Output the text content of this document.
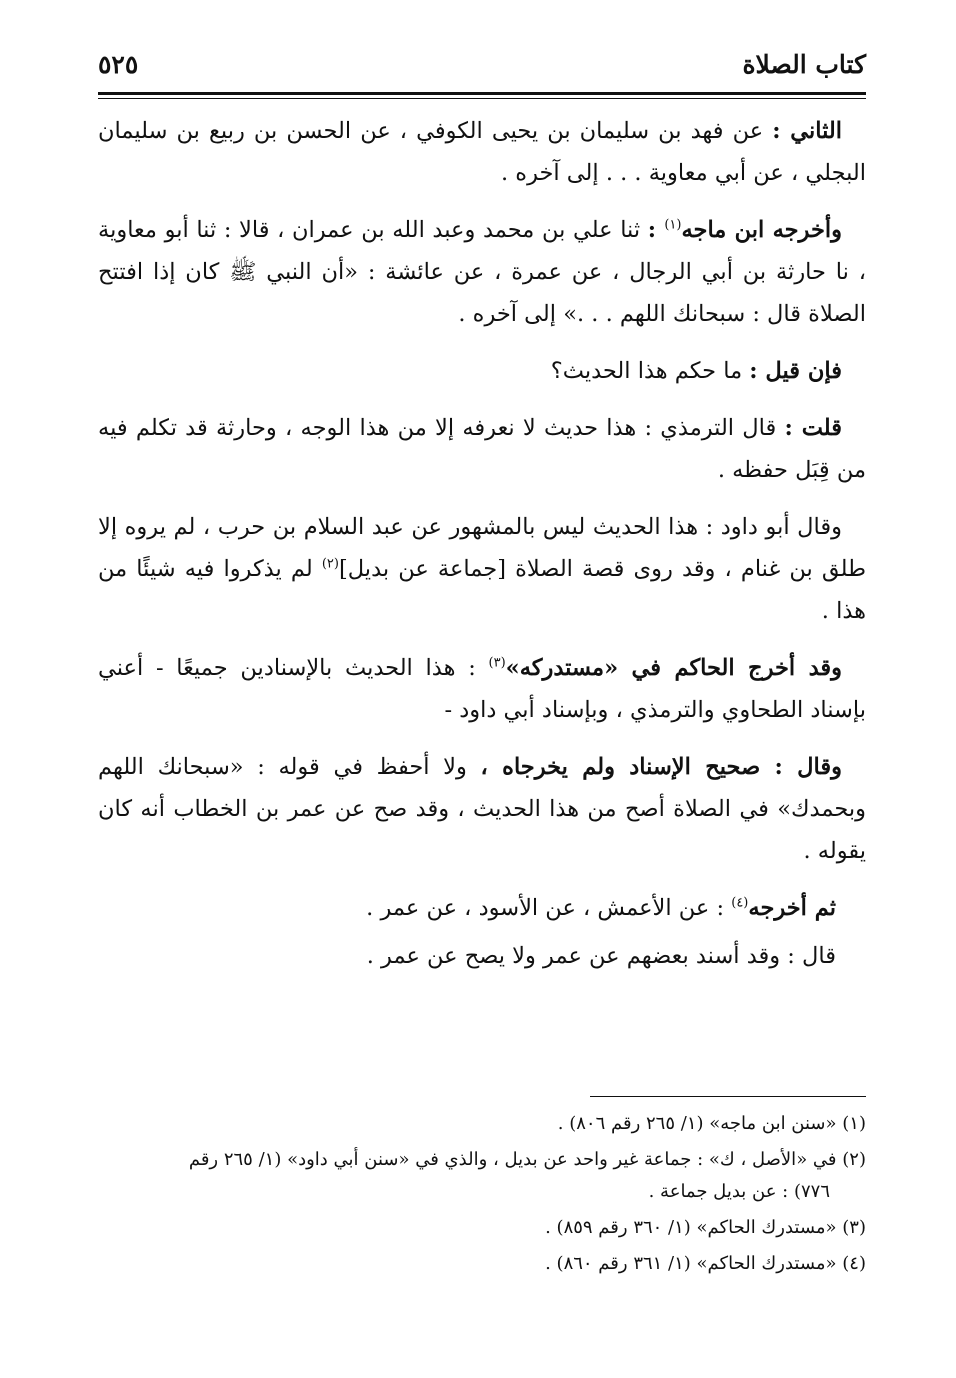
كتاب الصلاة
٥٢٥

الثاني : عن فهد بن سليمان بن يحيى الكوفي ، عن الحسن بن ربيع بن سليمان البجلي ، عن أبي معاوية . . . إلى آخره .

وأخرجه ابن ماجه$^{(١)}$ : ثنا علي بن محمد وعبد الله بن عمران ، قالا : ثنا أبو معاوية ، نا حارثة بن أبي الرجال ، عن عمرة ، عن عائشة : «أن النبي ﷺ كان إذا افتتح الصلاة قال : سبحانك اللهم . . .» إلى آخره .

فإن قيل : ما حكم هذا الحديث؟

قلت : قال الترمذي : هذا حديث لا نعرفه إلا من هذا الوجه ، وحارثة قد تكلم فيه من قِبَل حفظه .

وقال أبو داود : هذا الحديث ليس بالمشهور عن عبد السلام بن حرب ، لم يروه إلا طلق بن غنام ، وقد روى قصة الصلاة [جماعة عن بديل]$^{(٢)}$ لم يذكروا فيه شيئًا من هذا .

وقد أخرج الحاكم في «مستدركه»$^{(٣)}$ : هذا الحديث بالإسنادين جميعًا - أعني بإسناد الطحاوي والترمذي ، وبإسناد أبي داود -

وقال : صحيح الإسناد ولم يخرجاه ، ولا أحفظ في قوله : «سبحانك اللهم وبحمدك» في الصلاة أصح من هذا الحديث ، وقد صح عن عمر بن الخطاب أنه كان يقوله .

ثم أخرجه$^{(٤)}$ : عن الأعمش ، عن الأسود ، عن عمر .

قال : وقد أسند بعضهم عن عمر ولا يصح عن عمر .

(١) «سنن ابن ماجه» (١/ ٢٦٥ رقم ٨٠٦) .
(٢) في «الأصل ، ك» : جماعة غير واحد عن بديل ، والذي في «سنن أبي داود» (١/ ٢٦٥ رقم
٧٧٦) : عن بديل جماعة .
(٣) «مستدرك الحاكم» (١/ ٣٦٠ رقم ٨٥٩) .
(٤) «مستدرك الحاكم» (١/ ٣٦١ رقم ٨٦٠) .
